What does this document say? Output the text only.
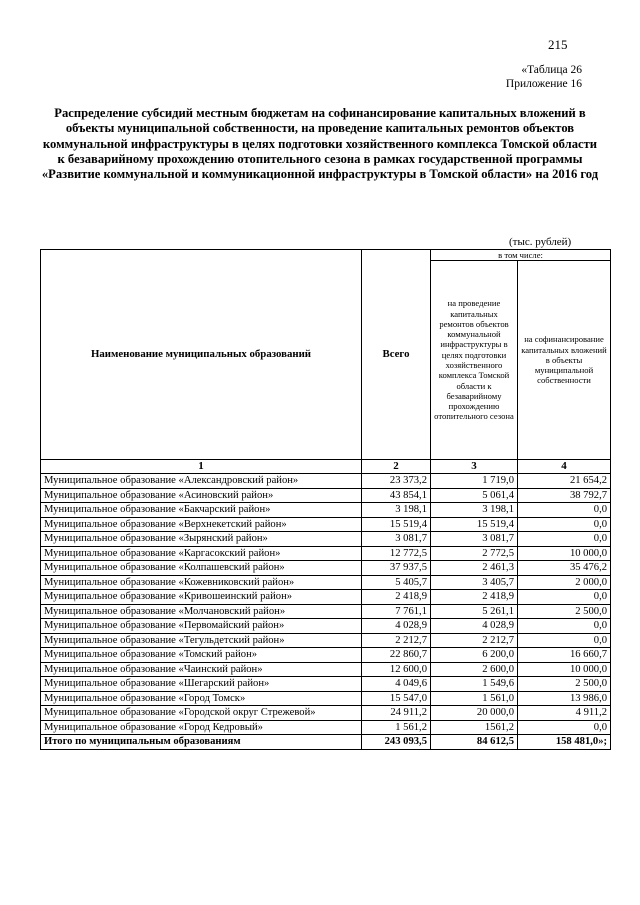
215
«Таблица 26
Приложение 16
Распределение субсидий местным бюджетам на софинансирование капитальных вложений в объекты муниципальной собственности, на проведение капитальных ремонтов объектов коммунальной инфраструктуры в целях подготовки хозяйственного комплекса Томской области к безаварийному прохождению отопительного сезона в рамках государственной программы «Развитие коммунальной и коммуникационной инфраструктуры в Томской области» на 2016 год
(тыс. рублей)
Наименование муниципальных образований	Всего	в том числе:	
		на проведение капитальных ремонтов объектов коммунальной инфраструктуры в целях подготовки хозяйственного комплекса Томской области к безаварийному прохождению отопительного сезона	на софинансирование капитальных вложений в объекты муниципальной собственности
1	2	3	4
Муниципальное образование «Александровский район»	23 373,2	1 719,0	21 654,2
Муниципальное образование «Асиновский район»	43 854,1	5 061,4	38 792,7
Муниципальное образование «Бакчарский район»	3 198,1	3 198,1	0,0
Муниципальное образование «Верхнекетский район»	15 519,4	15 519,4	0,0
Муниципальное образование «Зырянский район»	3 081,7	3 081,7	0,0
Муниципальное образование «Каргасокский район»	12 772,5	2 772,5	10 000,0
Муниципальное образование «Колпашевский район»	37 937,5	2 461,3	35 476,2
Муниципальное образование «Кожевниковский район»	5 405,7	3 405,7	2 000,0
Муниципальное образование «Кривошеинский район»	2 418,9	2 418,9	0,0
Муниципальное образование «Молчановский район»	7 761,1	5 261,1	2 500,0
Муниципальное образование «Первомайский район»	4 028,9	4 028,9	0,0
Муниципальное образование «Тегульдетский район»	2 212,7	2 212,7	0,0
Муниципальное образование «Томский район»	22 860,7	6 200,0	16 660,7
Муниципальное образование «Чаинский район»	12 600,0	2 600,0	10 000,0
Муниципальное образование «Шегарский район»	4 049,6	1 549,6	2 500,0
Муниципальное образование «Город Томск»	15 547,0	1 561,0	13 986,0
Муниципальное образование «Городской округ Стрежевой»	24 911,2	20 000,0	4 911,2
Муниципальное образование «Город Кедровый»	1 561,2	1561,2	0,0
Итого по муниципальным образованиям	243 093,5	84 612,5	158 481,0»;
